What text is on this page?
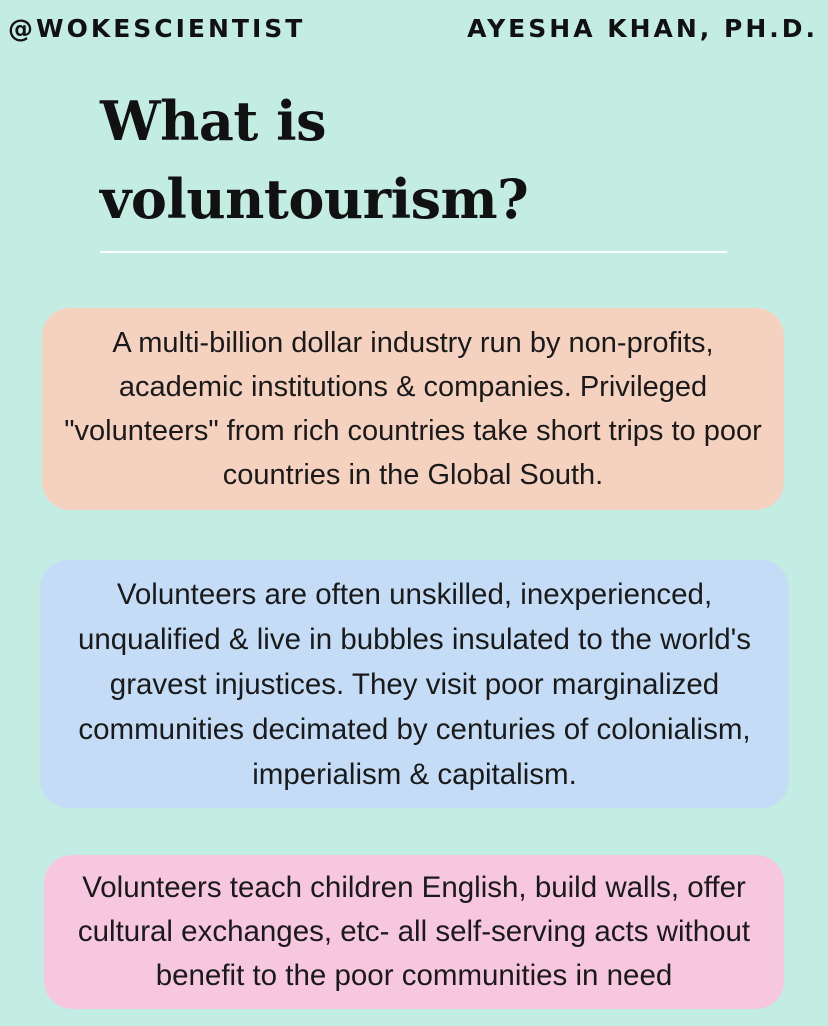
@WOKESCIENTIST	AYESHA KHAN, PH.D.
What is
voluntourism?
A multi-billion dollar industry run by non-profits, academic institutions & companies. Privileged "volunteers" from rich countries take short trips to poor countries in the Global South.
Volunteers are often unskilled, inexperienced, unqualified & live in bubbles insulated to the world's gravest injustices. They visit poor marginalized communities decimated by centuries of colonialism, imperialism & capitalism.
Volunteers teach children English, build walls, offer cultural exchanges, etc- all self-serving acts without benefit to the poor communities in need
